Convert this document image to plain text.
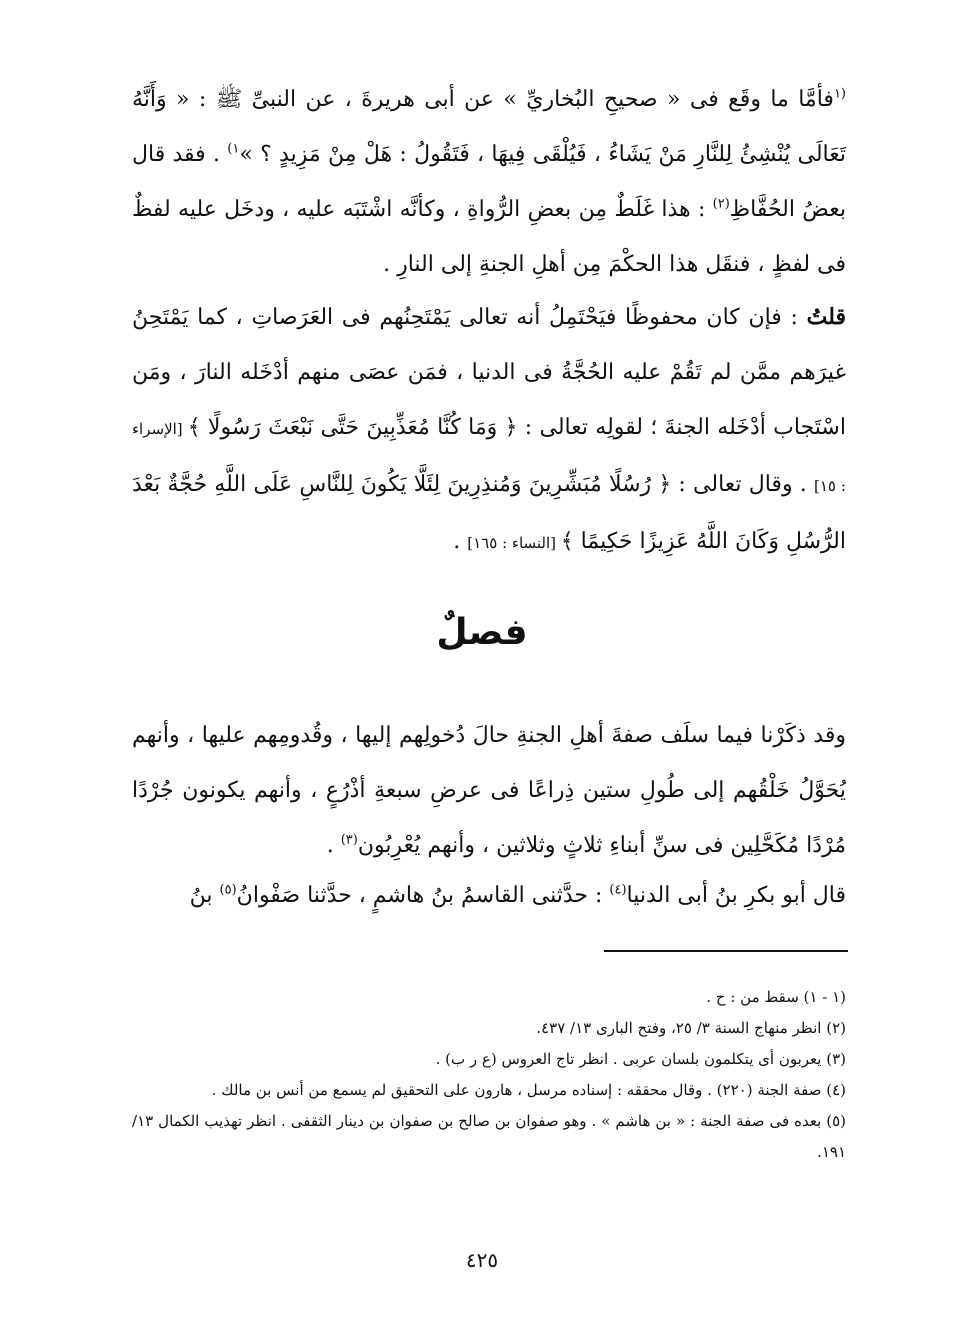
$^{(١}$فأمَّا ما وقَع فى « صحيحِ البُخاريِّ » عن أبى هريرةَ ، عن النبىِّ ﷺ : « وَأَنَّهُ تَعَالَى يُنْشِئُ لِلنَّارِ مَنْ يَشَاءُ ، فَيُلْقَى فِيهَا ، فَتَقُولُ : هَلْ مِنْ مَزِيدٍ ؟ »$^{١)}$ . فقد قال بعضُ الحُفَّاظِ$^{(٢)}$ : هذا غَلَطٌ مِن بعضِ الرُّواةِ ، وكأنَّه اشْتَبَه عليه ، ودخَل عليه لفظٌ فى لفظٍ ، فنقَل هذا الحكْمَ مِن أهلِ الجنةِ إلى النارِ .
قلتُ : فإن كان محفوظًا فيَحْتَمِلُ أنه تعالى يَمْتَحِنُهم فى العَرَصاتِ ، كما يَمْتَحِنُ غيرَهم ممَّن لم تَقُمْ عليه الحُجَّةُ فى الدنيا ، فمَن عصَى منهم أدْخَله النارَ ، ومَن اسْتَجاب أدْخَله الجنةَ ؛ لقولِه تعالى : ﴿ وَمَا كُنَّا مُعَذِّبِينَ حَتَّى نَبْعَثَ رَسُولًا ﴾ [الإسراء : ١٥] . وقال تعالى : ﴿ رُسُلًا مُبَشِّرِينَ وَمُنذِرِينَ لِئَلَّا يَكُونَ لِلنَّاسِ عَلَى اللَّهِ حُجَّةٌ بَعْدَ الرُّسُلِ وَكَانَ اللَّهُ عَزِيزًا حَكِيمًا ﴾ [النساء : ١٦٥] .
فصلٌ
وقد ذكَرْنا فيما سلَف صفةَ أهلِ الجنةِ حالَ دُخولِهم إليها ، وقُدومِهم عليها ، وأنهم يُحَوَّلُ خَلْقُهم إلى طُولِ ستين ذِراعًا فى عرضِ سبعةِ أذْرُعٍ ، وأنهم يكونون جُرْدًا مُرْدًا مُكَحَّلِين فى سنِّ أبناءِ ثلاثٍ وثلاثين ، وأنهم يُعْرِبُون$^{(٣)}$ .
قال أبو بكرِ بنُ أبى الدنيا$^{(٤)}$ : حدَّثنى القاسمُ بنُ هاشمٍ ، حدَّثنا صَفْوانُ$^{(٥)}$ بنُ
(١ - ١) سقط من : ح .
(٢) انظر منهاج السنة ٣/ ٢٥، وفتح البارى ١٣/ ٤٣٧.
(٣) يعربون أى يتكلمون بلسان عربى . انظر تاج العروس (ع ر ب) .
(٤) صفة الجنة (٢٢٠) . وقال محققه : إسناده مرسل ، هارون على التحقيق لم يسمع من أنس بن مالك .
(٥) بعده فى صفة الجنة : « بن هاشم » . وهو صفوان بن صالح بن صفوان بن دينار الثقفى . انظر تهذيب الكمال ١٣/ ١٩١.
٤٢٥
